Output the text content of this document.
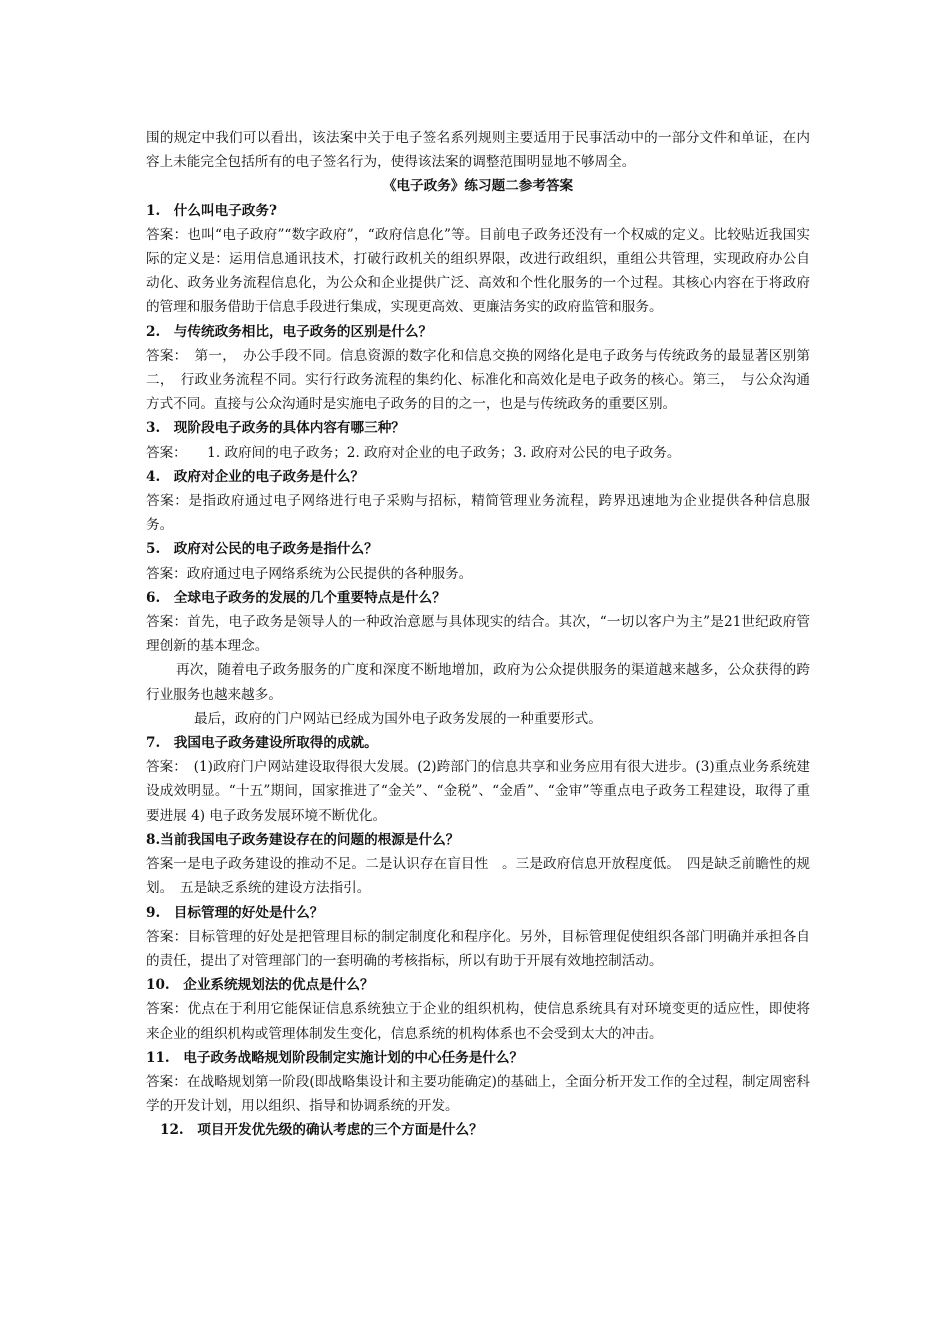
围的规定中我们可以看出，该法案中关于电子签名系列规则主要适用于民事活动中的一部分文件和单证，在内容上未能完全包括所有的电子签名行为，使得该法案的调整范围明显地不够周全。

《电子政务》练习题二参考答案

1.　什么叫电子政务?

答案：也叫“电子政府”“数字政府”，“政府信息化”等。目前电子政务还没有一个权威的定义。比较贴近我国实际的定义是：运用信息通讯技术，打破行政机关的组织界限，改进行政组织，重组公共管理，实现政府办公自动化、政务业务流程信息化，为公众和企业提供广泛、高效和个性化服务的一个过程。其核心内容在于将政府的管理和服务借助于信息手段进行集成，实现更高效、更廉洁务实的政府监管和服务。

2.　与传统政务相比，电子政务的区别是什么？

答案：　第一，　办公手段不同。信息资源的数字化和信息交换的网络化是电子政务与传统政务的最显著区别第二，　行政业务流程不同。实行行政务流程的集约化、标准化和高效化是电子政务的核心。第三，　与公众沟通方式不同。直接与公众沟通时是实施电子政务的目的之一，也是与传统政务的重要区别。

3.　现阶段电子政务的具体内容有哪三种？

答案：　　1. 政府间的电子政务；2. 政府对企业的电子政务；3. 政府对公民的电子政务。

4.　政府对企业的电子政务是什么？

答案：是指政府通过电子网络进行电子采购与招标，精简管理业务流程，跨界迅速地为企业提供各种信息服务。

5.　政府对公民的电子政务是指什么？

答案：政府通过电子网络系统为公民提供的各种服务。

6.　全球电子政务的发展的几个重要特点是什么？

答案：首先，电子政务是领导人的一种政治意愿与具体现实的结合。其次，“一切以客户为主”是21世纪政府管理创新的基本理念。

再次，随着电子政务服务的广度和深度不断地增加，政府为公众提供服务的渠道越来越多，公众获得的跨行业服务也越来越多。

最后，政府的门户网站已经成为国外电子政务发展的一种重要形式。

7.　我国电子政务建设所取得的成就。

答案：　(1)政府门户网站建设取得很大发展。(2)跨部门的信息共享和业务应用有很大进步。(3)重点业务系统建设成效明显。“十五”期间，国家推进了“金关”、“金税”、“金盾”、“金审”等重点电子政务工程建设，取得了重要进展 4) 电子政务发展环境不断优化。

8.当前我国电子政务建设存在的问题的根源是什么？

答案一是电子政务建设的推动不足。二是认识存在盲目性　。三是政府信息开放程度低。　四是缺乏前瞻性的规划。　五是缺乏系统的建设方法指引。

9.　目标管理的好处是什么？

答案：目标管理的好处是把管理目标的制定制度化和程序化。另外，目标管理促使组织各部门明确并承担各自的责任，提出了对管理部门的一套明确的考核指标，所以有助于开展有效地控制活动。

10.　企业系统规划法的优点是什么？

答案：优点在于利用它能保证信息系统独立于企业的组织机构，使信息系统具有对环境变更的适应性，即使将来企业的组织机构或管理体制发生变化，信息系统的机构体系也不会受到太大的冲击。

11.　电子政务战略规划阶段制定实施计划的中心任务是什么？

答案：在战略规划第一阶段(即战略集设计和主要功能确定)的基础上，全面分析开发工作的全过程，制定周密科学的开发计划，用以组织、指导和协调系统的开发。

12.　项目开发优先级的确认考虑的三个方面是什么？
